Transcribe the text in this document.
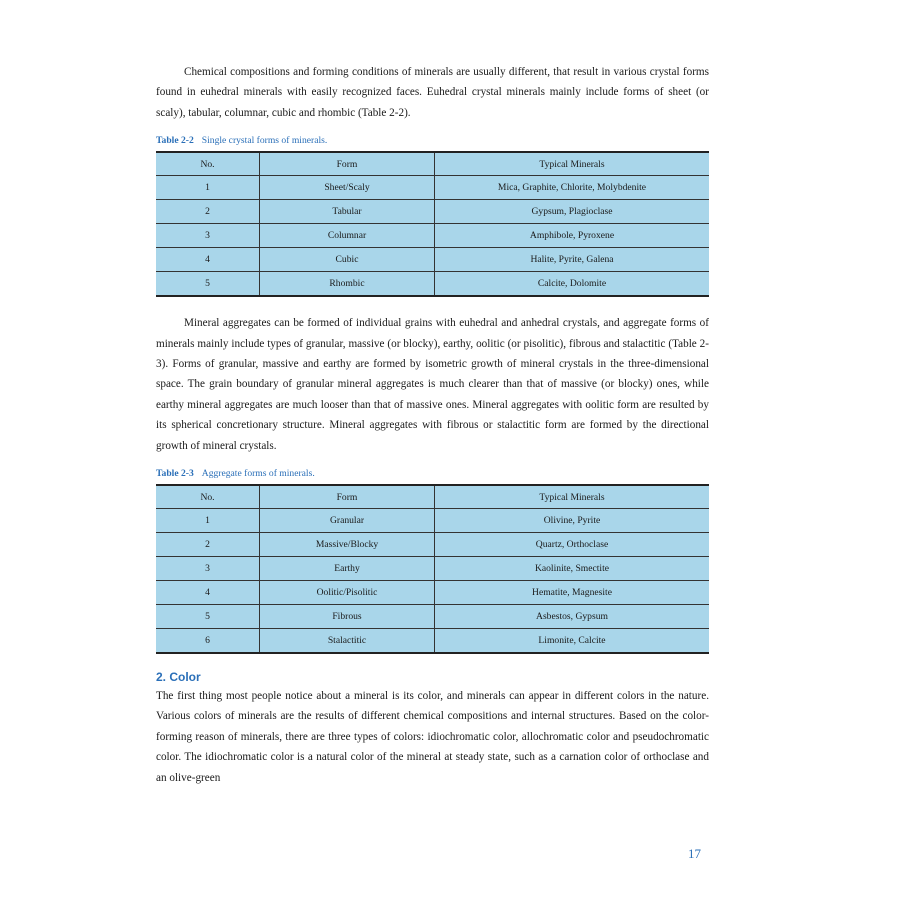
Chemical compositions and forming conditions of minerals are usually different, that result in various crystal forms found in euhedral minerals with easily recognized faces. Euhedral crystal minerals mainly include forms of sheet (or scaly), tabular, columnar, cubic and rhombic (Table 2-2).

Table 2-2 Single crystal forms of minerals.
No.	Form	Typical Minerals
1	Sheet/Scaly	Mica, Graphite, Chlorite, Molybdenite
2	Tabular	Gypsum, Plagioclase
3	Columnar	Amphibole, Pyroxene
4	Cubic	Halite, Pyrite, Galena
5	Rhombic	Calcite, Dolomite

Mineral aggregates can be formed of individual grains with euhedral and anhedral crystals, and aggregate forms of minerals mainly include types of granular, massive (or blocky), earthy, oolitic (or pisolitic), fibrous and stalactitic (Table 2-3). Forms of granular, massive and earthy are formed by isometric growth of mineral crystals in the three-dimensional space. The grain boundary of granular mineral aggregates is much clearer than that of massive (or blocky) ones, while earthy mineral aggregates are much looser than that of massive ones. Mineral aggregates with oolitic form are resulted by its spherical concretionary structure. Mineral aggregates with fibrous or stalactitic form are formed by the directional growth of mineral crystals.

Table 2-3 Aggregate forms of minerals.
No.	Form	Typical Minerals
1	Granular	Olivine, Pyrite
2	Massive/Blocky	Quartz, Orthoclase
3	Earthy	Kaolinite, Smectite
4	Oolitic/Pisolitic	Hematite, Magnesite
5	Fibrous	Asbestos, Gypsum
6	Stalactitic	Limonite, Calcite
2. Color

The first thing most people notice about a mineral is its color, and minerals can appear in different colors in the nature. Various colors of minerals are the results of different chemical compositions and internal structures. Based on the color-forming reason of minerals, there are three types of colors: idiochromatic color, allochromatic color and pseudochromatic color. The idiochromatic color is a natural color of the mineral at steady state, such as a carnation color of orthoclase and an olive-green

17
